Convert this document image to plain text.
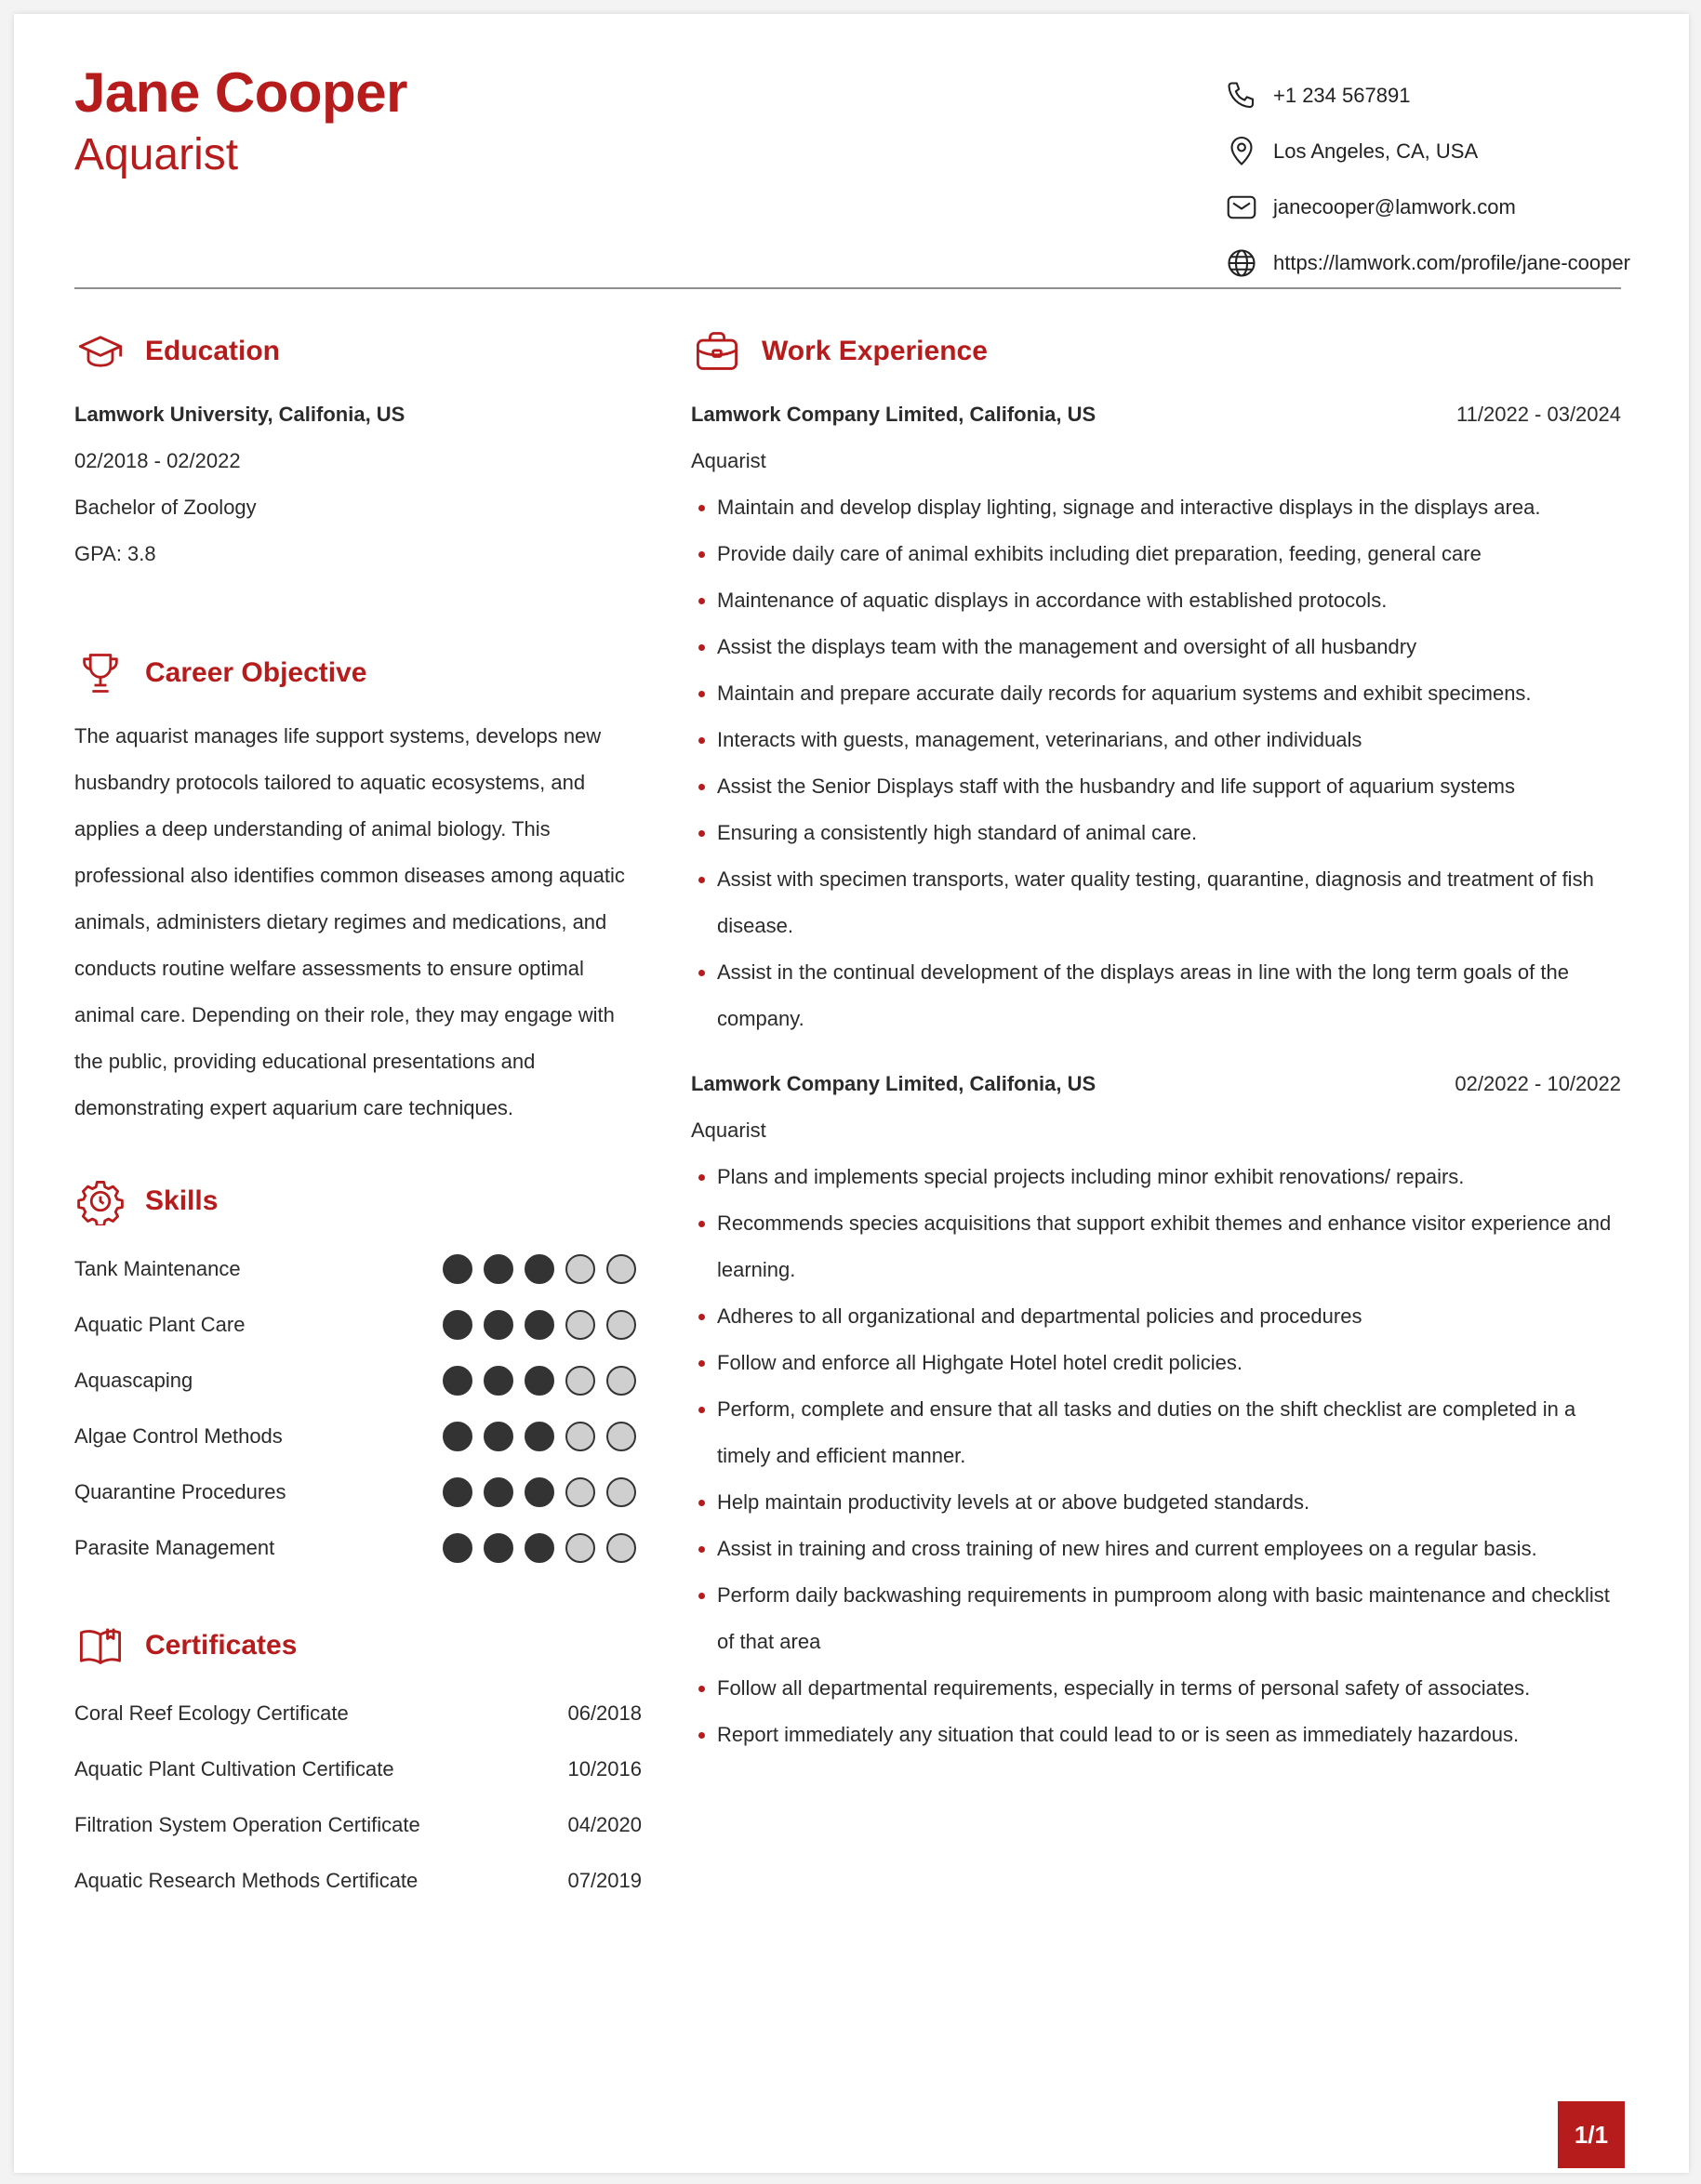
Jane Cooper
Aquarist
+1 234 567891
Los Angeles, CA, USA
janecooper@lamwork.com
https://lamwork.com/profile/jane-cooper
Education
Lamwork University, Califonia, US
02/2018 - 02/2022
Bachelor of Zoology
GPA: 3.8
Career Objective

The aquarist manages life support systems, develops new husbandry protocols tailored to aquatic ecosystems, and applies a deep understanding of animal biology. This professional also identifies common diseases among aquatic animals, administers dietary regimes and medications, and conducts routine welfare assessments to ensure optimal animal care. Depending on their role, they may engage with the public, providing educational presentations and demonstrating expert aquarium care techniques.

Skills
Tank Maintenance
Aquatic Plant Care
Aquascaping
Algae Control Methods
Quarantine Procedures
Parasite Management
Certificates
Coral Reef Ecology Certificate	06/2018
Aquatic Plant Cultivation Certificate	10/2016
Filtration System Operation Certificate	04/2020
Aquatic Research Methods Certificate	07/2019
Work Experience
Lamwork Company Limited, Califonia, US	11/2022 - 03/2024
Aquarist
Maintain and develop display lighting, signage and interactive displays in the displays area.
Provide daily care of animal exhibits including diet preparation, feeding, general care
Maintenance of aquatic displays in accordance with established protocols.
Assist the displays team with the management and oversight of all husbandry
Maintain and prepare accurate daily records for aquarium systems and exhibit specimens.
Interacts with guests, management, veterinarians, and other individuals
Assist the Senior Displays staff with the husbandry and life support of aquarium systems
Ensuring a consistently high standard of animal care.
Assist with specimen transports, water quality testing, quarantine, diagnosis and treatment of fish disease.
Assist in the continual development of the displays areas in line with the long term goals of the company.
Lamwork Company Limited, Califonia, US	02/2022 - 10/2022
Aquarist
Plans and implements special projects including minor exhibit renovations/ repairs.
Recommends species acquisitions that support exhibit themes and enhance visitor experience and learning.
Adheres to all organizational and departmental policies and procedures
Follow and enforce all Highgate Hotel hotel credit policies.
Perform, complete and ensure that all tasks and duties on the shift checklist are completed in a timely and efficient manner.
Help maintain productivity levels at or above budgeted standards.
Assist in training and cross training of new hires and current employees on a regular basis.
Perform daily backwashing requirements in pumproom along with basic maintenance and checklist of that area
Follow all departmental requirements, especially in terms of personal safety of associates.
Report immediately any situation that could lead to or is seen as immediately hazardous.
1/1
